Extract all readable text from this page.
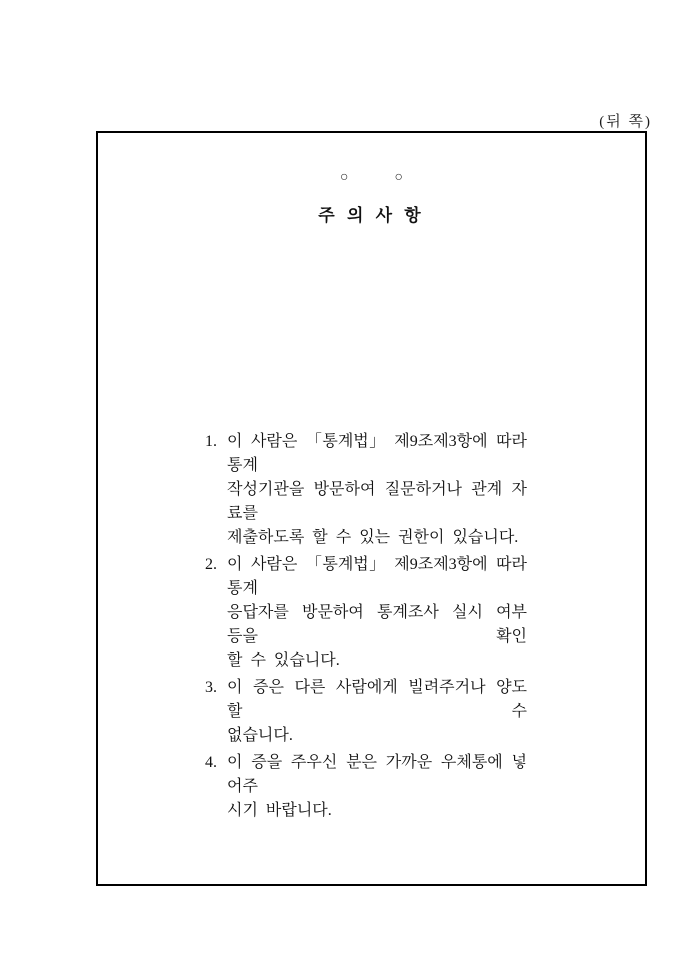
(뒤 쪽)
○	○
주 의 사 항
1. 이 사람은 「통계법」 제9조제3항에 따라 통계
작성기관을 방문하여 질문하거나 관계 자료를
제출하도록 할 수 있는 권한이 있습니다.
2. 이 사람은 「통계법」 제9조제3항에 따라 통계
응답자를 방문하여 통계조사 실시 여부 등을 확인
할 수 있습니다.
3. 이 증은 다른 사람에게 빌려주거나 양도할 수
없습니다.
4. 이 증을 주우신 분은 가까운 우체통에 넣어주
시기 바랍니다.
